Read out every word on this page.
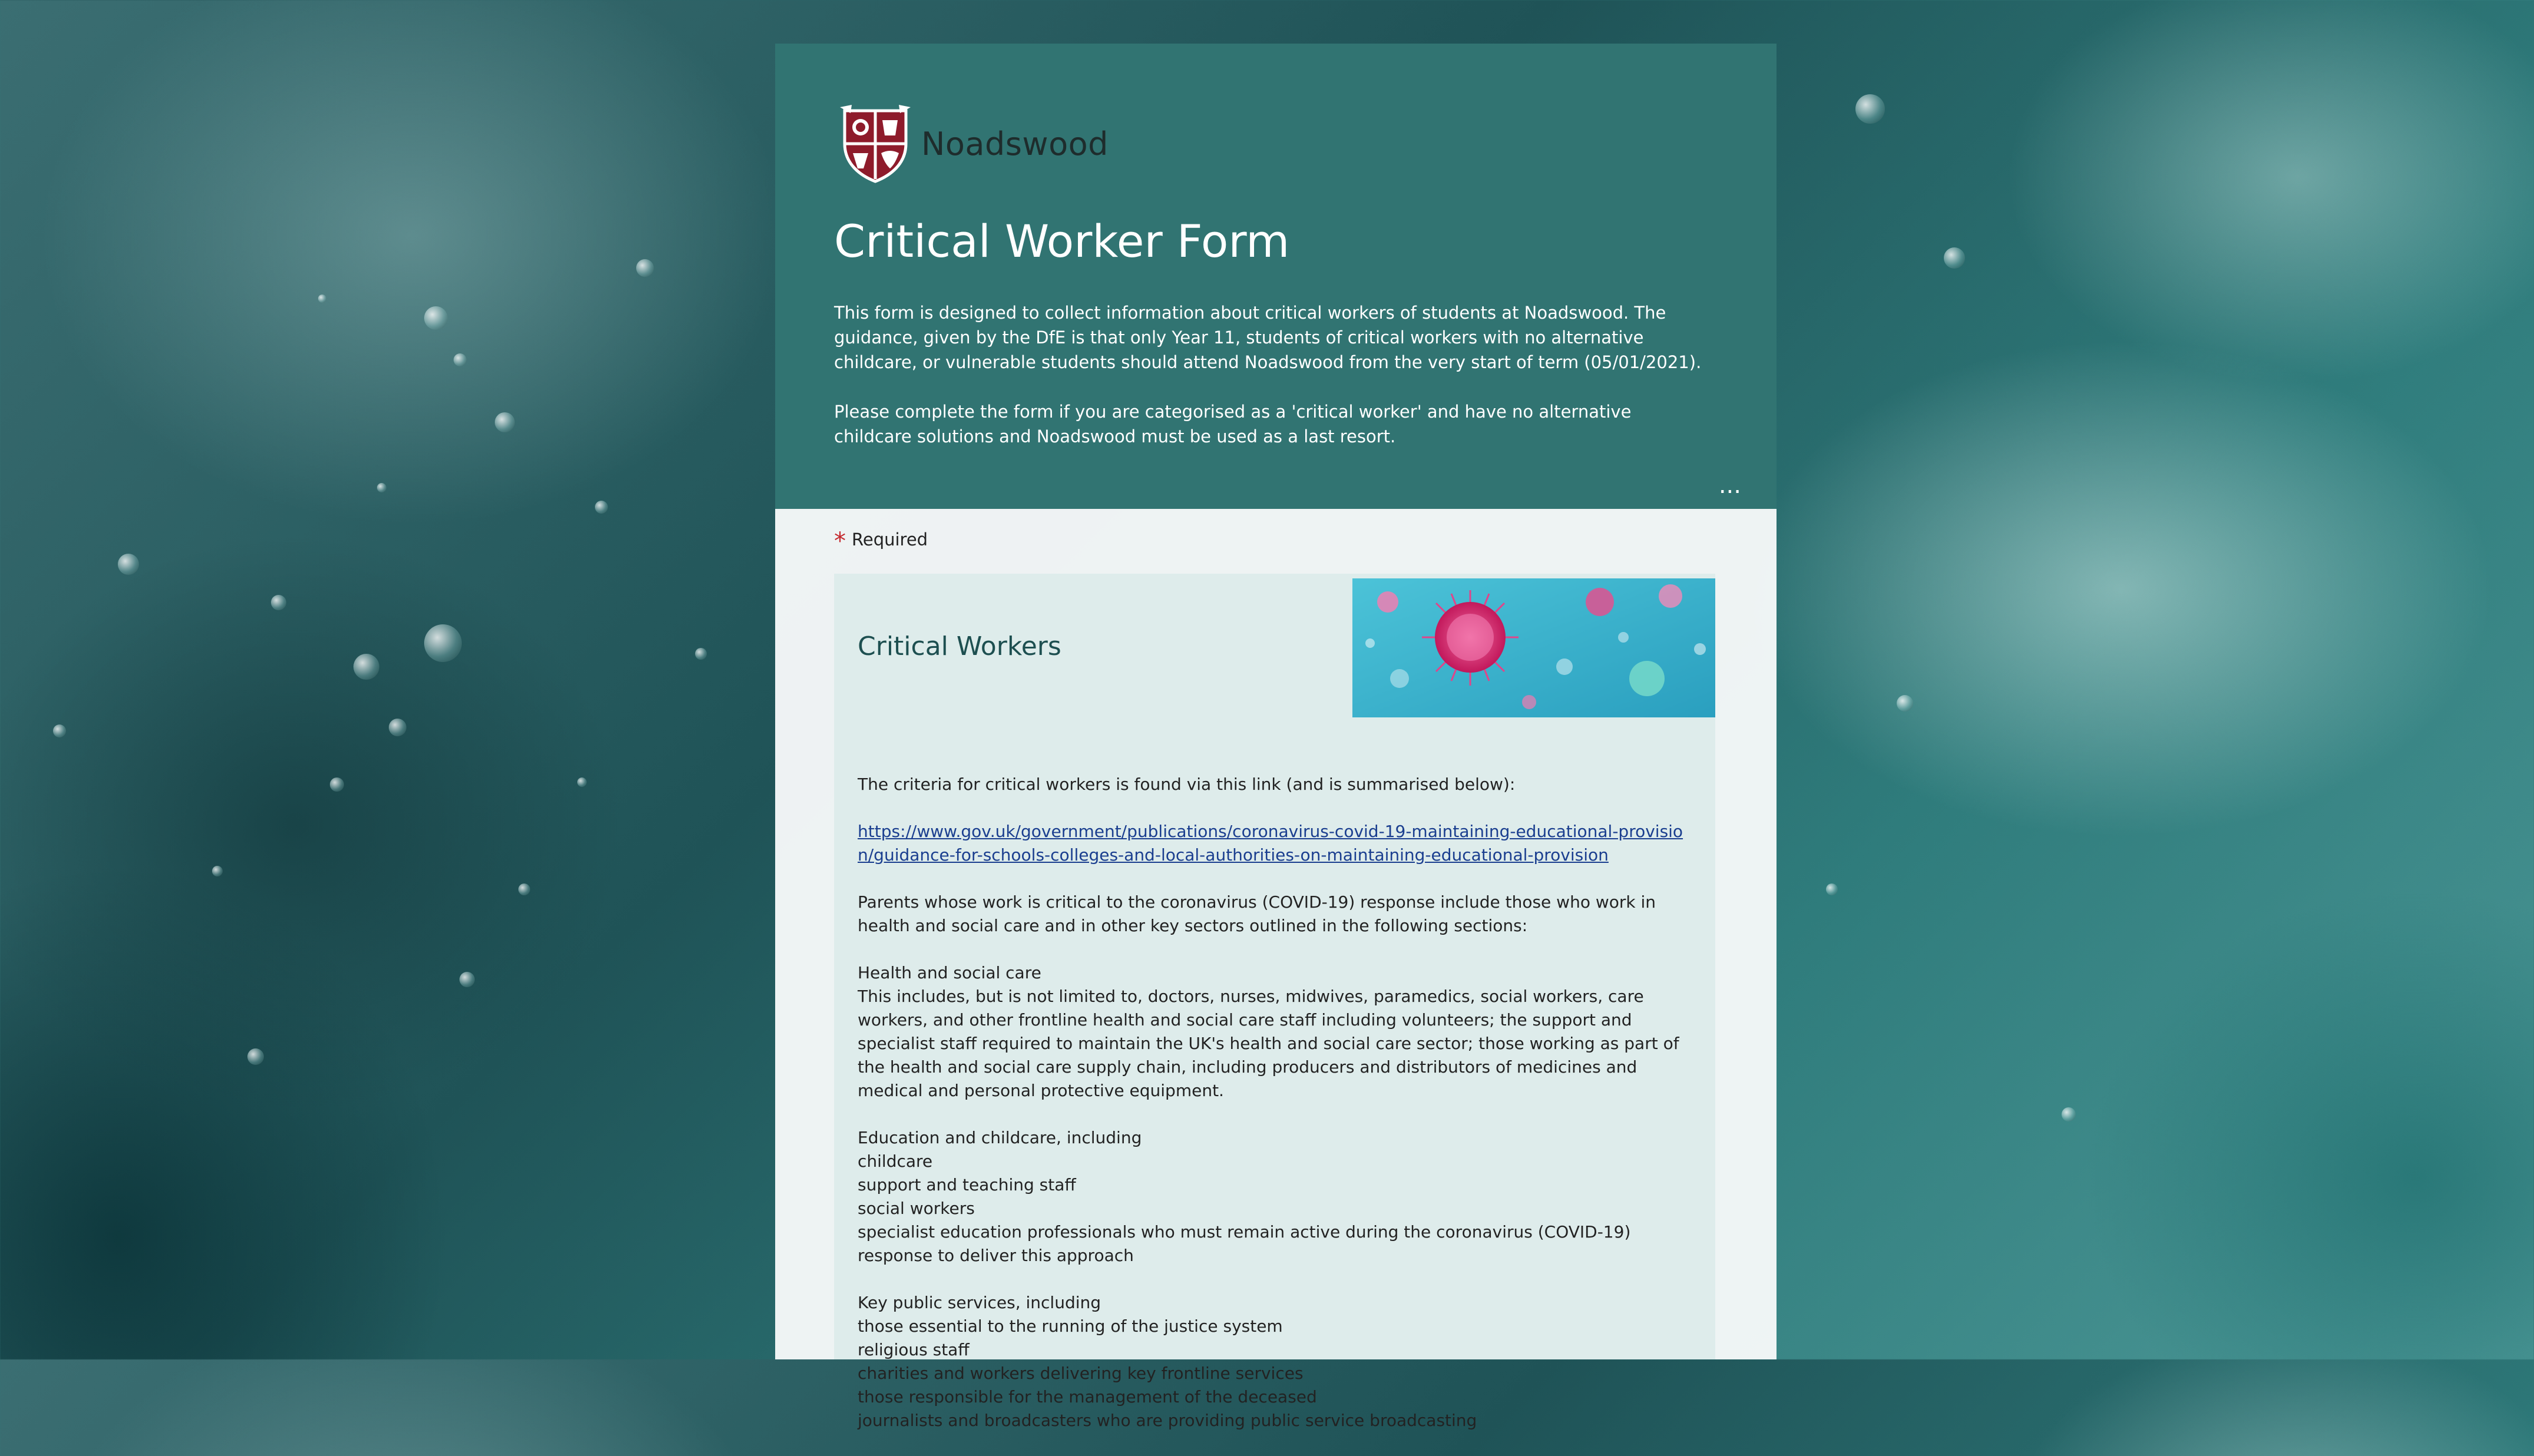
Noadswood
Critical Worker Form

This form is designed to collect information about critical workers of students at Noadswood. The guidance, given by the DfE is that only Year 11, students of critical workers with no alternative childcare, or vulnerable students should attend Noadswood from the very start of term (05/01/2021).

Please complete the form if you are categorised as a 'critical worker' and have no alternative childcare solutions and Noadswood must be used as a last resort.

...
* Required
Critical Workers

The criteria for critical workers is found via this link (and is summarised below):

https://www.gov.uk/government/publications/coronavirus-covid-19-maintaining-educational-provision/guidance-for-schools-colleges-and-local-authorities-on-maintaining-educational-provision

Parents whose work is critical to the coronavirus (COVID-19) response include those who work in health and social care and in other key sectors outlined in the following sections:

Health and social care
This includes, but is not limited to, doctors, nurses, midwives, paramedics, social workers, care workers, and other frontline health and social care staff including volunteers; the support and specialist staff required to maintain the UK's health and social care sector; those working as part of the health and social care supply chain, including producers and distributors of medicines and medical and personal protective equipment.

Education and childcare, including
childcare
support and teaching staff
social workers
specialist education professionals who must remain active during the coronavirus (COVID-19) response to deliver this approach

Key public services, including
those essential to the running of the justice system
religious staff
charities and workers delivering key frontline services
those responsible for the management of the deceased
journalists and broadcasters who are providing public service broadcasting
